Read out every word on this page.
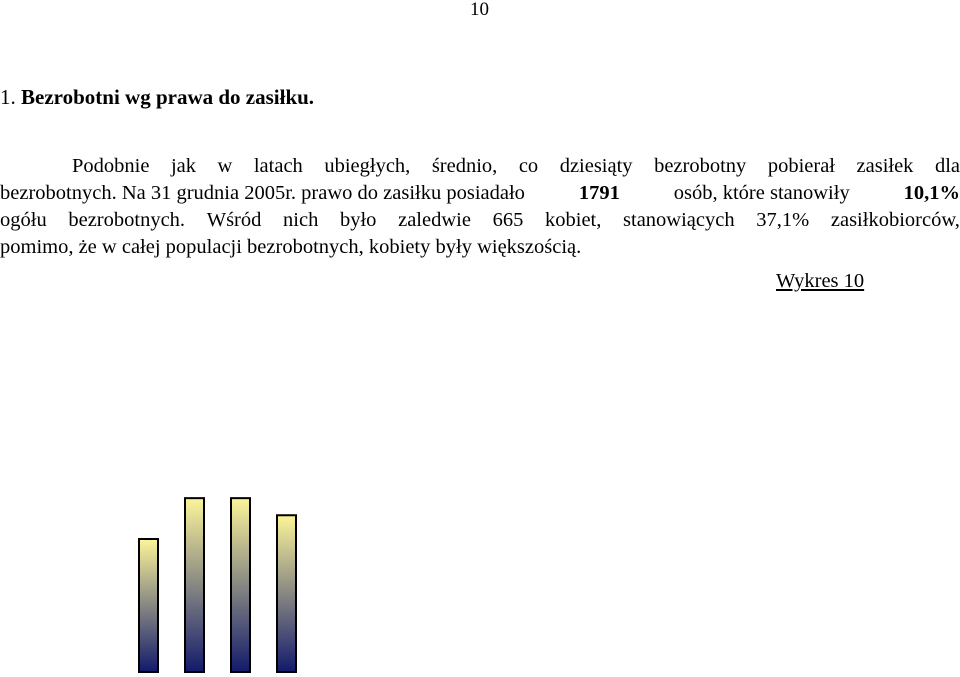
10
1. Bezrobotni wg prawa do zasiłku.
Podobnie jak w latach ubiegłych, średnio, co dziesiąty bezrobotny pobierał zasiłek dla
bezrobotnych. Na 31 grudnia 2005r. prawo do zasiłku posiadało	1791	osób, które stanowiły	10,1%
ogółu bezrobotnych. Wśród nich było zaledwie 665 kobiet, stanowiących 37,1% zasiłkobiorców,
pomimo, że w całej populacji bezrobotnych, kobiety były większością.
Wykres 10
